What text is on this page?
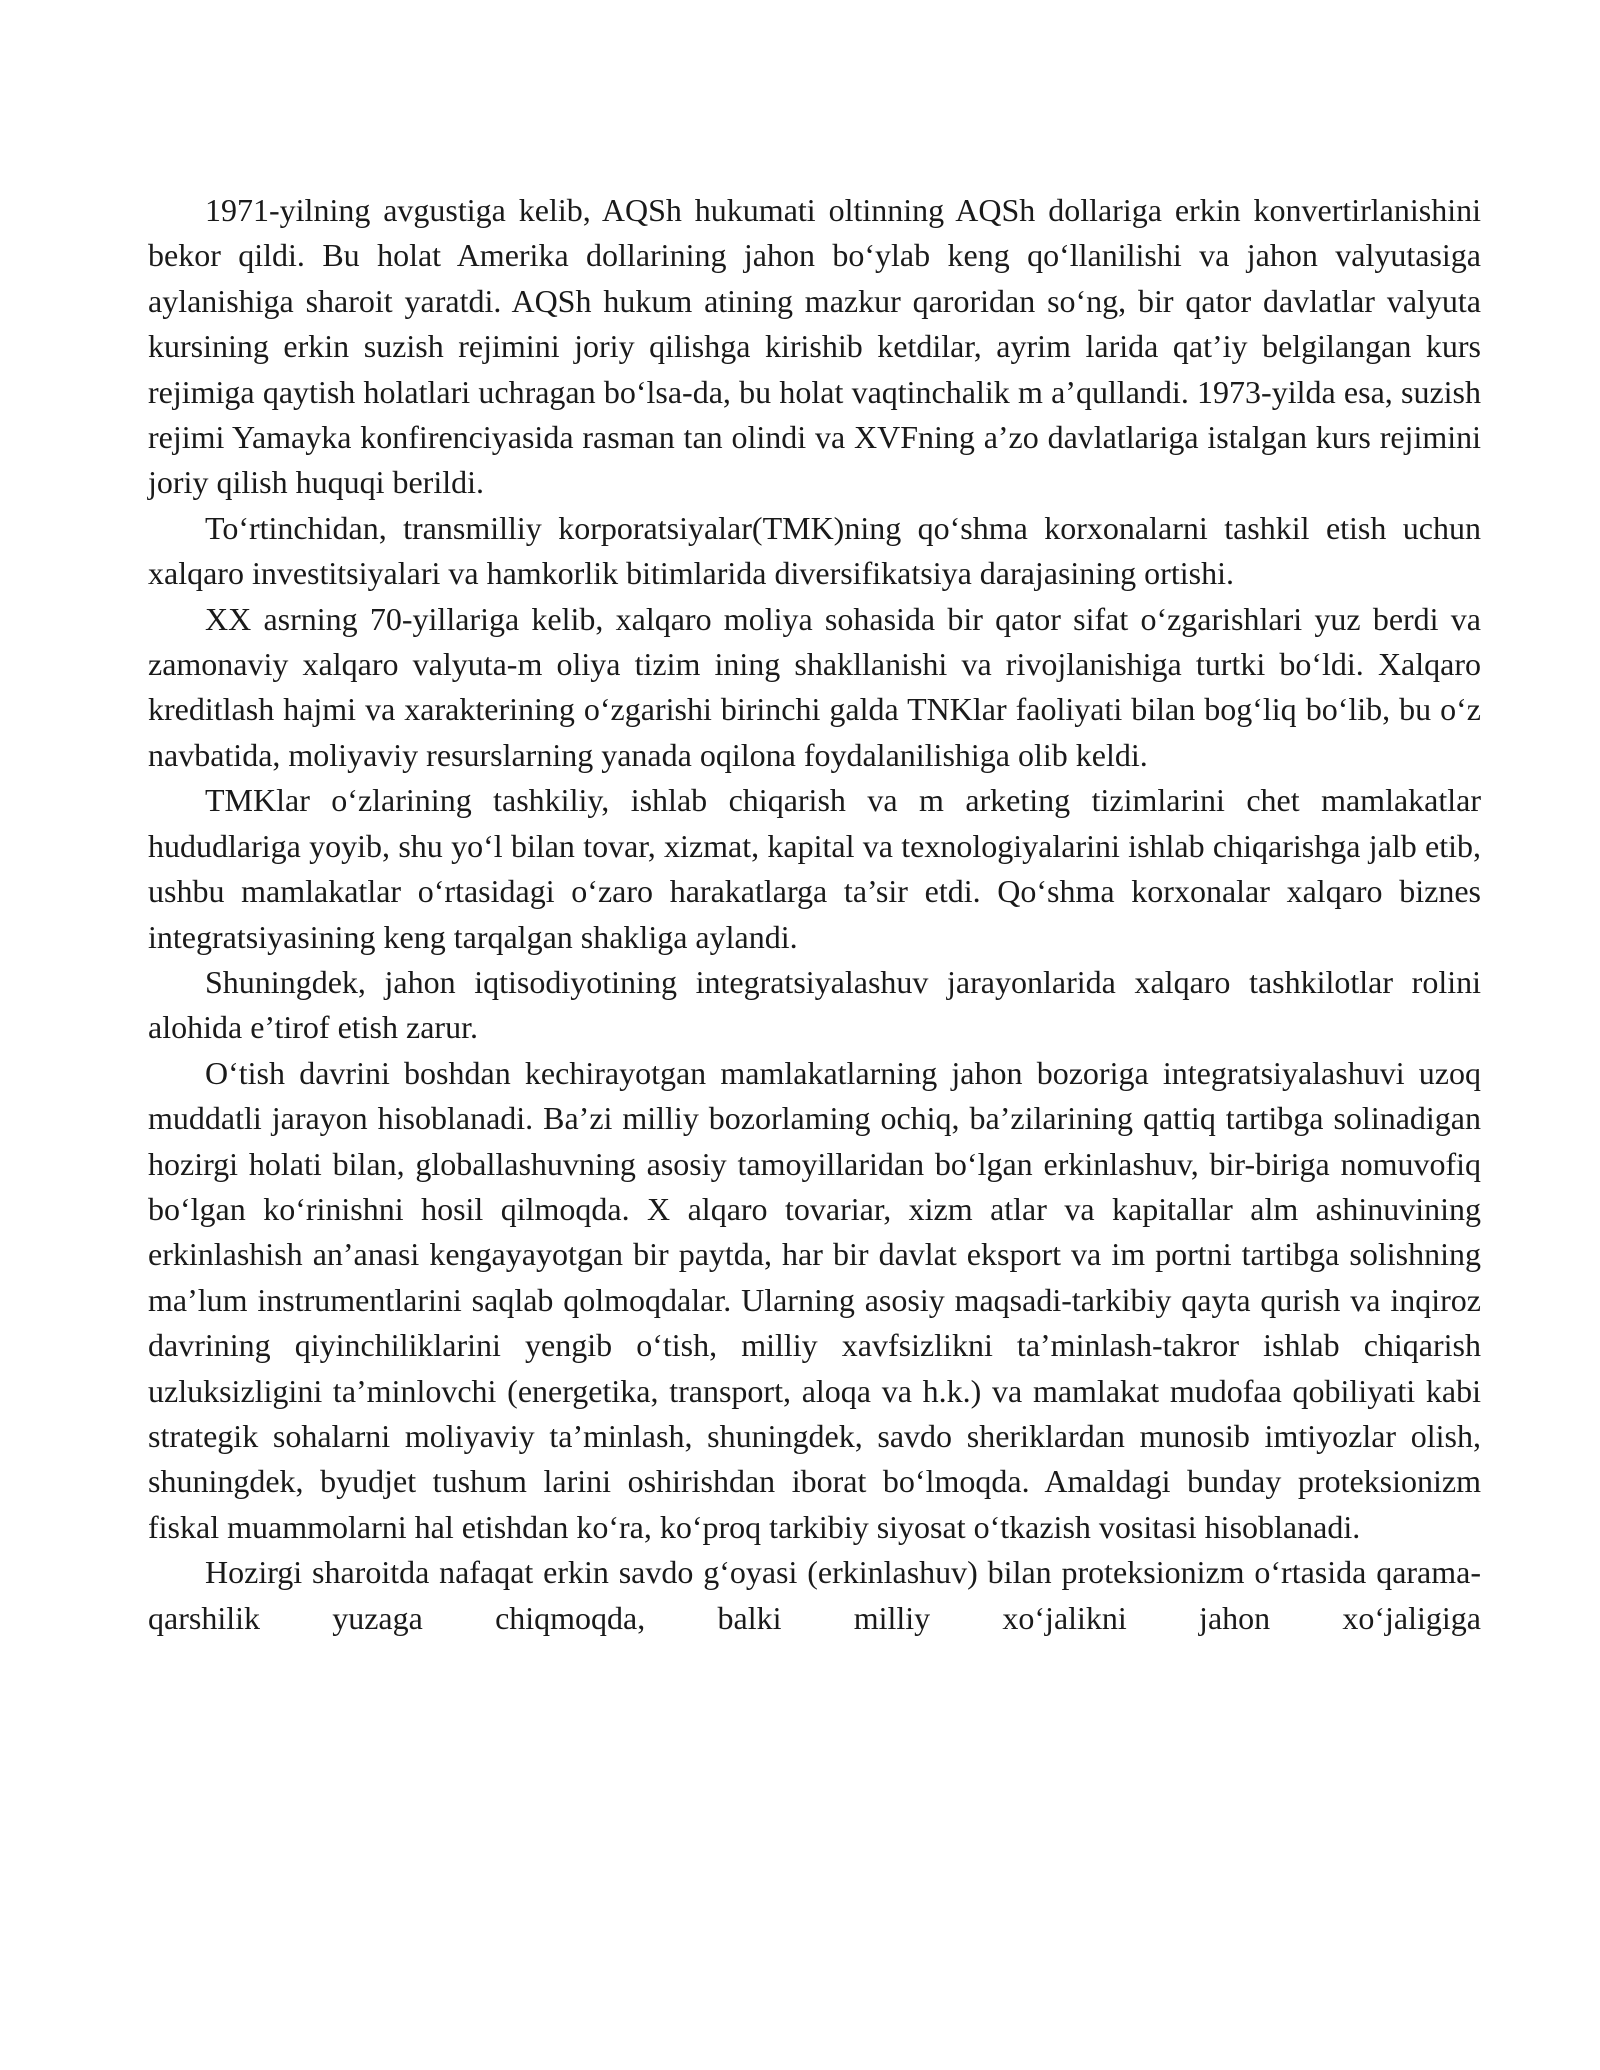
1971-yilning avgustiga kelib, AQSh hukumati oltinning AQSh dollariga erkin konvertirlanishini bekor qildi. Bu holat Amerika dollarining jahon bo‘ylab keng qo‘llanilishi va jahon valyutasiga aylanishiga sharoit yaratdi. AQSh hukum atining mazkur qaroridan so‘ng, bir qator davlatlar valyuta kursining erkin suzish rejimini joriy qilishga kirishib ketdilar, ayrim larida qat’iy belgilangan kurs rejimiga qaytish holatlari uchragan bo‘lsa-da, bu holat vaqtinchalik m a’qullandi. 1973-yilda esa, suzish rejimi Yamayka konfirenciyasida rasman tan olindi va XVFning a’zo davlatlariga istalgan kurs rejimini joriy qilish huquqi berildi.

To‘rtinchidan, transmilliy korporatsiyalar(TMK)ning qo‘shma korxonalarni tashkil etish uchun xalqaro investitsiyalari va hamkorlik bitimlarida diversifikatsiya darajasining ortishi.

XX asrning 70-yillariga kelib, xalqaro moliya sohasida bir qator sifat o‘zgarishlari yuz berdi va zamonaviy xalqaro valyuta-m oliya tizim ining shakllanishi va rivojlanishiga turtki bo‘ldi. Xalqaro kreditlash hajmi va xarakterining o‘zgarishi birinchi galda TNKlar faoliyati bilan bog‘liq bo‘lib, bu o‘z navbatida, moliyaviy resurslarning yanada oqilona foydalanilishiga olib keldi.

TMKlar o‘zlarining tashkiliy, ishlab chiqarish va m arketing tizimlarini chet mamlakatlar hududlariga yoyib, shu yo‘l bilan tovar, xizmat, kapital va texnologiyalarini ishlab chiqarishga jalb etib, ushbu mamlakatlar o‘rtasidagi o‘zaro harakatlarga ta’sir etdi. Qo‘shma korxonalar xalqaro biznes integratsiyasining keng tarqalgan shakliga aylandi.

Shuningdek, jahon iqtisodiyotining integratsiyalashuv jarayonlarida xalqaro tashkilotlar rolini alohida e’tirof etish zarur.

O‘tish davrini boshdan kechirayotgan mamlakatlarning jahon bozoriga integratsiyalashuvi uzoq muddatli jarayon hisoblanadi. Ba’zi milliy bozorlaming ochiq, ba’zilarining qattiq tartibga solinadigan hozirgi holati bilan, globallashuvning asosiy tamoyillaridan bo‘lgan erkinlashuv, bir-biriga nomuvofiq bo‘lgan ko‘rinishni hosil qilmoqda. X alqaro tovariar, xizm atlar va kapitallar alm ashinuvining erkinlashish an’anasi kengayayotgan bir paytda, har bir davlat eksport va im portni tartibga solishning ma’lum instrumentlarini saqlab qolmoqdalar. Ularning asosiy maqsadi-tarkibiy qayta qurish va inqiroz davrining qiyinchiliklarini yengib o‘tish, milliy xavfsizlikni ta’minlash-takror ishlab chiqarish uzluksizligini ta’minlovchi (energetika, transport, aloqa va h.k.) va mamlakat mudofaa qobiliyati kabi strategik sohalarni moliyaviy ta’minlash, shuningdek, savdo sheriklardan munosib imtiyozlar olish, shuningdek, byudjet tushum larini oshirishdan iborat bo‘lmoqda. Amaldagi bunday proteksionizm fiskal muammolarni hal etishdan ko‘ra, ko‘proq tarkibiy siyosat o‘tkazish vositasi hisoblanadi.

Hozirgi sharoitda nafaqat erkin savdo g‘oyasi (erkinlashuv) bilan proteksionizm o‘rtasida qarama-qarshilik yuzaga chiqmoqda, balki milliy xo‘jalikni jahon xo‘jaligiga
